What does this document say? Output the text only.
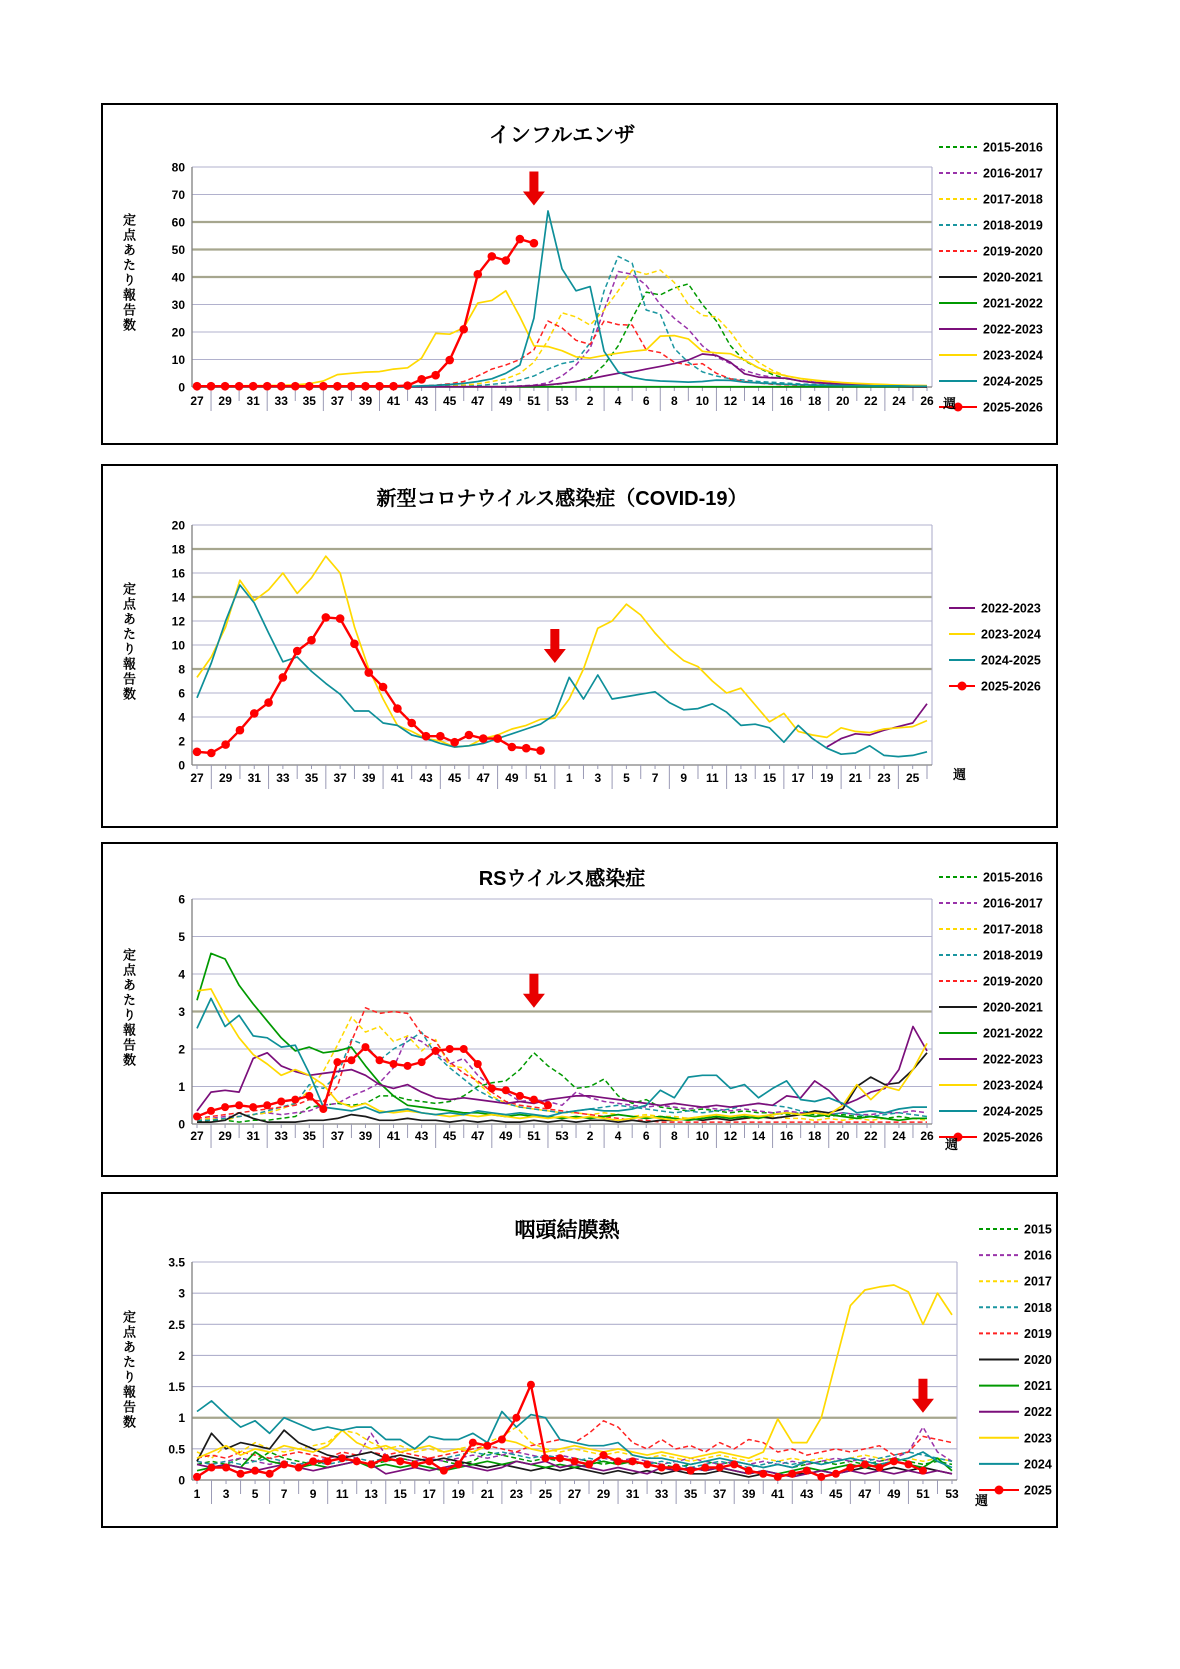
0
10
20
30
40
50
60
70
80
27 29 31 33 35 37 39 41 43 45 47 49 51 53 2 4 6 8 10 12 14 16 18 20 22 24 26
2015-2016
2016-2017
2017-2018
2018-2019
2019-2020
2020-2021
2021-2022
2022-2023
2023-2024
2024-2025
2025-2026
インフルエンザ
定点あたり報告数
週
0
2
4
6
8
10
12
14
16
18
20
27 29 31 33 35 37 39 41 43 45 47 49 51 1 3 5 7 9 11 13 15 17 19 21 23 25
2022-2023
2023-2024
2024-2025
2025-2026
新型コロナウイルス感染症（COVID-19）
定点あたり報告数
週
0
1
2
3
4
5
6
27 29 31 33 35 37 39 41 43 45 47 49 51 53 2 4 6 8 10 12 14 16 18 20 22 24 26
2015-2016
2016-2017
2017-2018
2018-2019
2019-2020
2020-2021
2021-2022
2022-2023
2023-2024
2024-2025
2025-2026
RSウイルス感染症
定点あたり報告数
週
0
0.5
1
1.5
2
2.5
3
3.5
1 3 5 7 9 11 13 15 17 19 21 23 25 27 29 31 33 35 37 39 41 43 45 47 49 51 53
2015
2016
2017
2018
2019
2020
2021
2022
2023
2024
2025
咽頭結膜熱
定点あたり報告数
週
